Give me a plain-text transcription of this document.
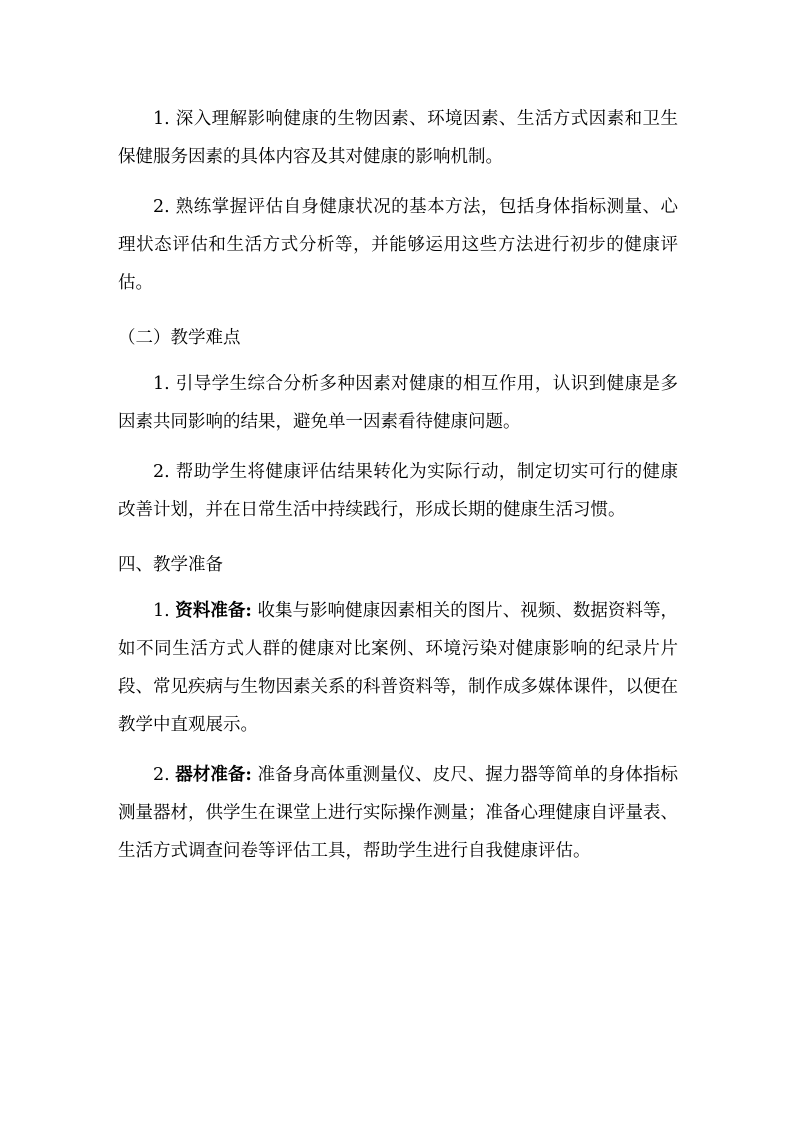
1. 深入理解影响健康的生物因素、环境因素、生活方式因素和卫生保健服务因素的具体内容及其对健康的影响机制。

2. 熟练掌握评估自身健康状况的基本方法，包括身体指标测量、心理状态评估和生活方式分析等，并能够运用这些方法进行初步的健康评估。

（二）教学难点

1. 引导学生综合分析多种因素对健康的相互作用，认识到健康是多因素共同影响的结果，避免单一因素看待健康问题。

2. 帮助学生将健康评估结果转化为实际行动，制定切实可行的健康改善计划，并在日常生活中持续践行，形成长期的健康生活习惯。

四、教学准备

1. 资料准备: 收集与影响健康因素相关的图片、视频、数据资料等，如不同生活方式人群的健康对比案例、环境污染对健康影响的纪录片片段、常见疾病与生物因素关系的科普资料等，制作成多媒体课件，以便在教学中直观展示。

2. 器材准备: 准备身高体重测量仪、皮尺、握力器等简单的身体指标测量器材，供学生在课堂上进行实际操作测量；准备心理健康自评量表、生活方式调查问卷等评估工具，帮助学生进行自我健康评估。
